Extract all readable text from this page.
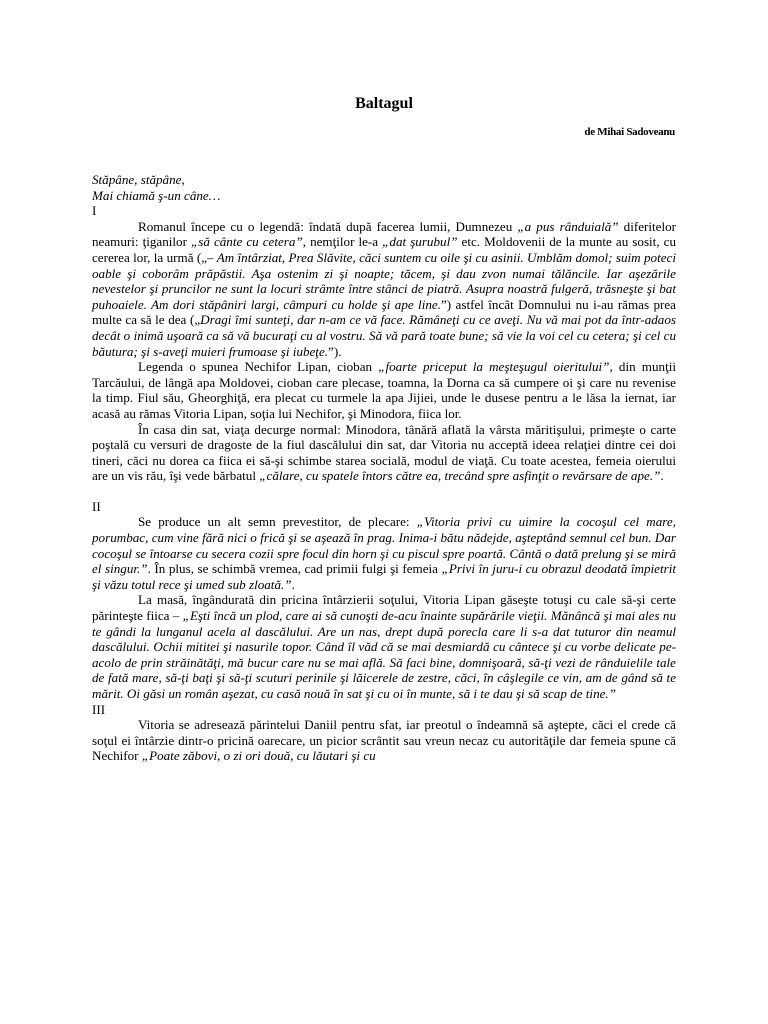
Baltagul
de Mihai Sadoveanu

Stăpâne, stăpâne,

Mai chiamă ş-un câne…

I

Romanul începe cu o legendă: îndată după facerea lumii, Dumnezeu „a pus rânduială” diferitelor neamuri: ţiganilor „să cânte cu cetera”, nemţilor le-a „dat şurubul” etc. Moldovenii de la munte au sosit, cu cererea lor, la urmă („– Am întârziat, Prea Slăvite, căci suntem cu oile şi cu asinii. Umblăm domol; suim poteci oable şi coborâm prăpăstii. Aşa ostenim zi şi noapte; tăcem, şi dau zvon numai tălăncile. Iar aşezările nevestelor şi pruncilor ne sunt la locuri strâmte între stânci de piatră. Asupra noastră fulgeră, trăsneşte şi bat puhoaiele. Am dori stăpâniri largi, câmpuri cu holde şi ape line.”) astfel încât Domnului nu i-au rămas prea multe ca să le dea („Dragi îmi sunteţi, dar n-am ce vă face. Rămâneţi cu ce aveţi. Nu vă mai pot da într-adaos decât o inimă uşoară ca să vă bucuraţi cu al vostru. Să vă pară toate bune; să vie la voi cel cu cetera; şi cel cu băutura; şi s-aveţi muieri frumoase şi iubeţe.”).

Legenda o spunea Nechifor Lipan, cioban „foarte priceput la meşteşugul oieritului”, din munţii Tarcăului, de lângă apa Moldovei, cioban care plecase, toamna, la Dorna ca să cumpere oi şi care nu revenise la timp. Fiul său, Gheorghiţă, era plecat cu turmele la apa Jijiei, unde le dusese pentru a le lăsa la iernat, iar acasă au rămas Vitoria Lipan, soţia lui Nechifor, şi Minodora, fiica lor.

În casa din sat, viaţa decurge normal: Minodora, tânără aflată la vârsta măritişului, primeşte o carte poştală cu versuri de dragoste de la fiul dascălului din sat, dar Vitoria nu acceptă ideea relaţiei dintre cei doi tineri, căci nu dorea ca fiica ei să-şi schimbe starea socială, modul de viaţă. Cu toate acestea, femeia oierului are un vis rău, îşi vede bărbatul „călare, cu spatele întors către ea, trecând spre asfinţit o revărsare de ape.”.

II

Se produce un alt semn prevestitor, de plecare: „Vitoria privi cu uimire la cocoşul cel mare, porumbac, cum vine fără nici o frică şi se aşează în prag. Inima-i bătu nădejde, aşteptând semnul cel bun. Dar cocoşul se întoarse cu secera cozii spre focul din horn şi cu piscul spre poartă. Cântă o dată prelung şi se miră el singur.”. În plus, se schimbă vremea, cad primii fulgi şi femeia „Privi în juru-i cu obrazul deodată împietrit şi văzu totul rece şi umed sub zloată.”.

La masă, îngândurată din pricina întârzierii soţului, Vitoria Lipan găseşte totuşi cu cale să-şi certe părinteşte fiica – „Eşti încă un plod, care ai să cunoşti de-acu înainte supărările vieţii. Mănâncă şi mai ales nu te gândi la lunganul acela al dascălului. Are un nas, drept după porecla care li s-a dat tuturor din neamul dascălului. Ochii mititei şi nasurile topor. Când îl văd că se mai desmiardă cu cântece şi cu vorbe delicate pe-acolo de prin străinătăţi, mă bucur care nu se mai află. Să faci bine, domnişoară, să-ţi vezi de rânduielile tale de fată mare, să-ţi baţi şi să-ţi scuturi perinile şi lăicerele de zestre, căci, în câşlegile ce vin, am de gând să te mărit. Oi găsi un român aşezat, cu casă nouă în sat şi cu oi în munte, să i te dau şi să scap de tine.”

III

Vitoria se adresează părintelui Daniil pentru sfat, iar preotul o îndeamnă să aştepte, căci el crede că soţul ei întârzie dintr-o pricină oarecare, un picior scrântit sau vreun necaz cu autorităţile dar femeia spune că Nechifor „Poate zăbovi, o zi ori două, cu lăutari şi cu
